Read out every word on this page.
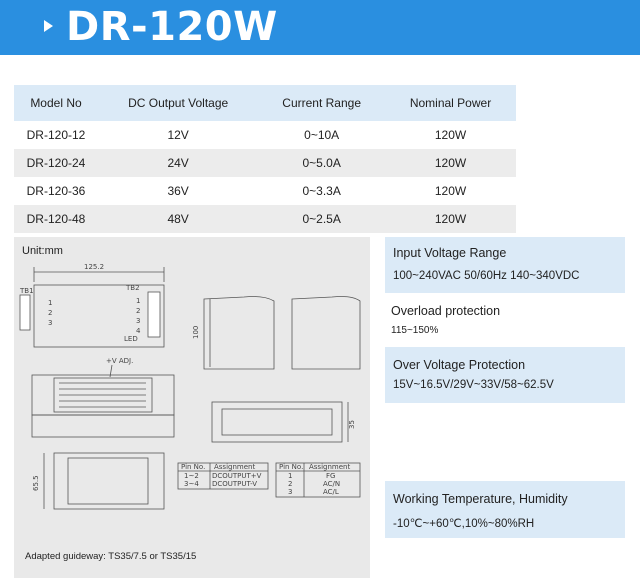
DR-120W
Model No	DC Output Voltage	Current Range	Nominal Power
DR-120-12	12V	0~10A	120W
DR-120-24	24V	0~5.0A	120W
DR-120-36	36V	0~3.3A	120W
DR-120-48	48V	0~2.5A	120W
Unit:mm
125.2
TB1	TB2
1
2
3
1
2
3
4
LED
+V ADJ.
100
35
65.5
Pin No. Assignment
1~2 DCOUTPUT+V
3~4 DCOUTPUT-V
Pin No. Assignment
1	FG
2	AC/N
3	AC/L
Adapted guideway: TS35/7.5 or TS35/15
Input Voltage Range
100~240VAC 50/60Hz 140~340VDC
Overload protection
115~150%
Over Voltage Protection
15V~16.5V/29V~33V/58~62.5V
Working Temperature, Humidity
-10℃~+60℃,10%~80%RH
